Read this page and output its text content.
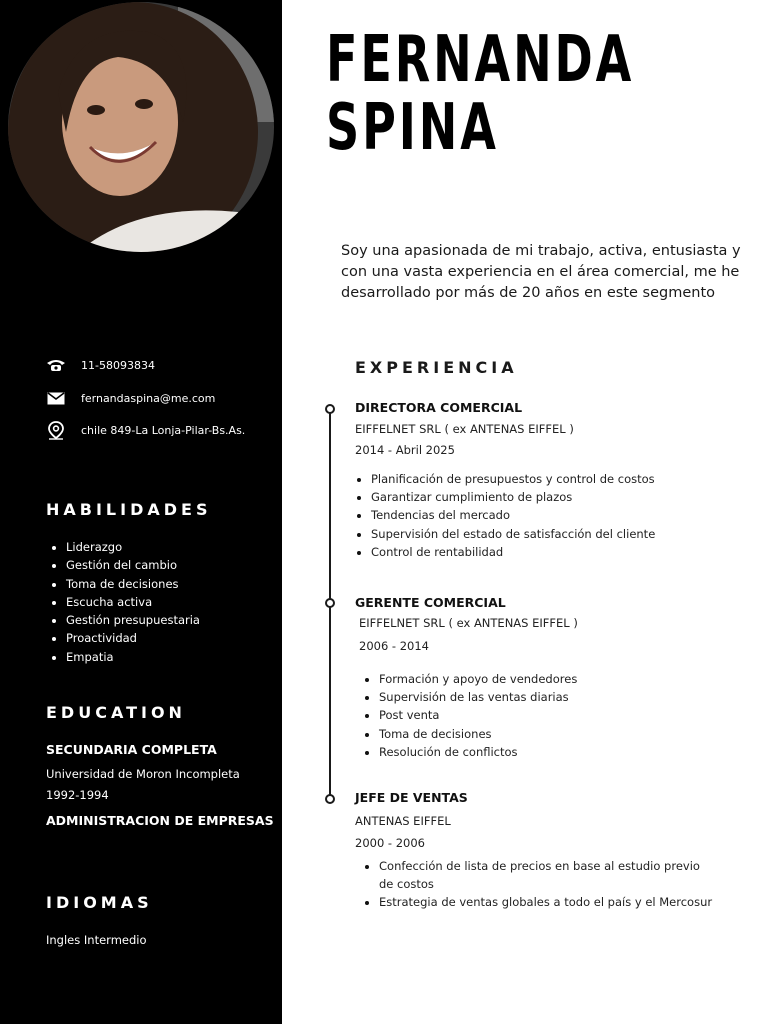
11-58093834
fernandaspina@me.com
chile 849-La Lonja-Pilar-Bs.As.
HABILIDADES
Liderazgo
Gestión del cambio
Toma de decisiones
Escucha activa
Gestión presupuestaria
Proactividad
Empatia
EDUCATION
SECUNDARIA COMPLETA
Universidad de Moron Incompleta
1992-1994
ADMINISTRACION DE EMPRESAS
IDIOMAS
Ingles Intermedio
FERNANDA
SPINA

Soy una apasionada de mi trabajo, activa, entusiasta y con una vasta experiencia en el área comercial, me he desarrollado por más de 20 años en este segmento

EXPERIENCIA
DIRECTORA COMERCIAL
EIFFELNET SRL ( ex ANTENAS EIFFEL )
2014 - Abril 2025
Planificación de presupuestos y control de costos
Garantizar cumplimiento de plazos
Tendencias del mercado
Supervisión del estado de satisfacción del cliente
Control de rentabilidad
GERENTE COMERCIAL
EIFFELNET SRL ( ex ANTENAS EIFFEL )
2006 - 2014
Formación y apoyo de vendedores
Supervisión de las ventas diarias
Post venta
Toma de decisiones
Resolución de conflictos
JEFE DE VENTAS
ANTENAS EIFFEL
2000 - 2006
Confección de lista de precios en base al estudio previo de costos
Estrategia de ventas globales a todo el país y el Mercosur
